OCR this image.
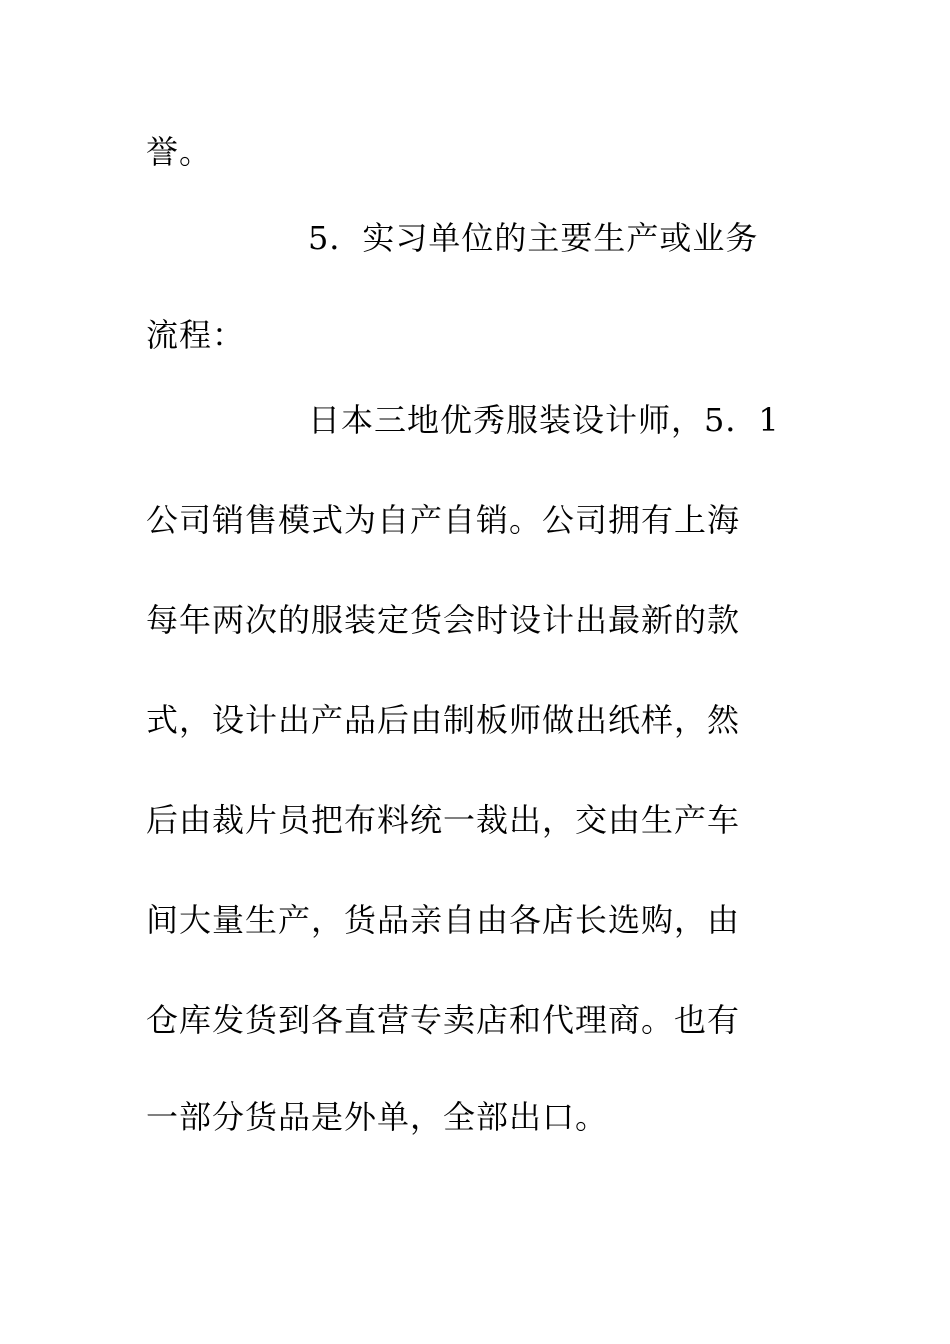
誉。
5．实习单位的主要生产或业务
流程：
日本三地优秀服装设计师，5．1
公司销售模式为自产自销。公司拥有上海
每年两次的服装定货会时设计出最新的款
式，设计出产品后由制板师做出纸样，然
后由裁片员把布料统一裁出，交由生产车
间大量生产，货品亲自由各店长选购，由
仓库发货到各直营专卖店和代理商。也有
一部分货品是外单，全部出口。
